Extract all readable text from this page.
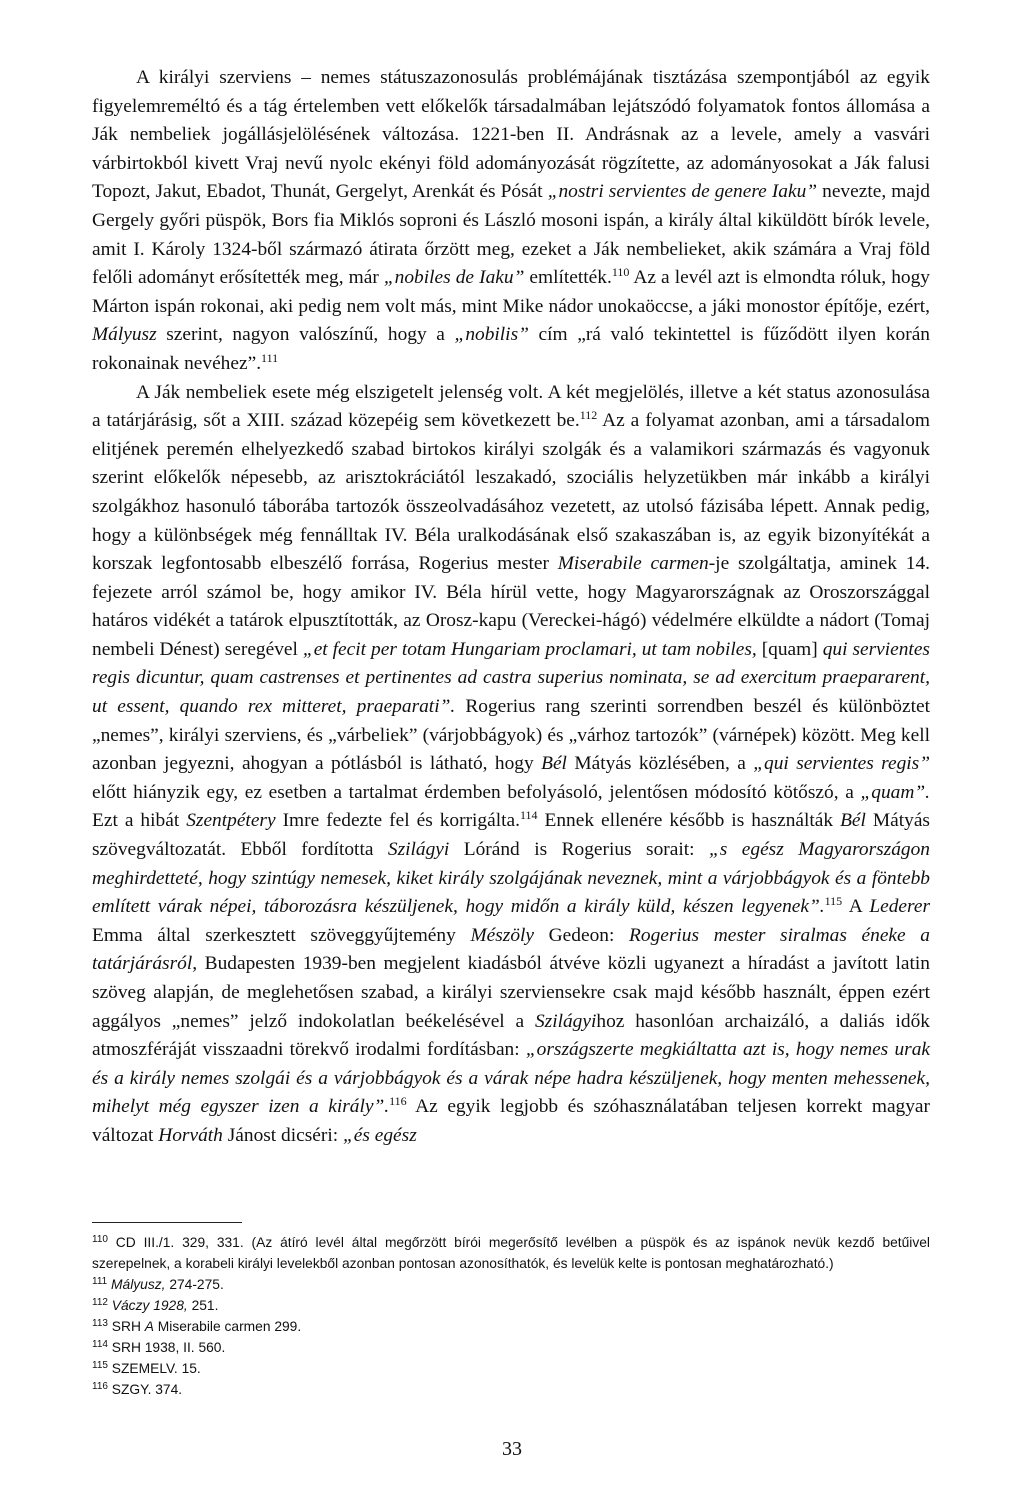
A királyi szerviens – nemes státuszazonosulás problémájának tisztázása szempontjából az egyik figyelemreméltó és a tág értelemben vett előkelők társadalmában lejátszódó folyamatok fontos állomása a Ják nembeliek jogállásjelölésének változása. 1221-ben II. Andrásnak az a levele, amely a vasvári várbirtokból kivett Vraj nevű nyolc ekényi föld adományozását rögzítette, az adományosokat a Ják falusi Topozt, Jakut, Ebadot, Thunát, Gergelyt, Arenkát és Pósát „nostri servientes de genere Iaku” nevezte, majd Gergely győri püspök, Bors fia Miklós soproni és László mosoni ispán, a király által kiküldött bírók levele, amit I. Károly 1324-ből származó átirata őrzött meg, ezeket a Ják nembelieket, akik számára a Vraj föld felőli adományt erősítették meg, már „nobiles de Iaku” említették.$^{110}$ Az a levél azt is elmondta róluk, hogy Márton ispán rokonai, aki pedig nem volt más, mint Mike nádor unokaöccse, a jáki monostor építője, ezért, Mályusz szerint, nagyon valószínű, hogy a „nobilis” cím „rá való tekintettel is fűződött ilyen korán rokonainak nevéhez”.$^{111}$

A Ják nembeliek esete még elszigetelt jelenség volt. A két megjelölés, illetve a két status azonosulása a tatárjárásig, sőt a XIII. század közepéig sem következett be.$^{112}$ Az a folyamat azonban, ami a társadalom elitjének peremén elhelyezkedő szabad birtokos királyi szolgák és a valamikori származás és vagyonuk szerint előkelők népesebb, az arisztokráciától leszakadó, szociális helyzetükben már inkább a királyi szolgákhoz hasonuló táborába tartozók összeolvadásához vezetett, az utolsó fázisába lépett. Annak pedig, hogy a különbségek még fennálltak IV. Béla uralkodásának első szakaszában is, az egyik bizonyítékát a korszak legfontosabb elbeszélő forrása, Rogerius mester Miserabile carmen-je szolgáltatja, aminek 14. fejezete arról számol be, hogy amikor IV. Béla hírül vette, hogy Magyarországnak az Oroszországgal határos vidékét a tatárok elpusztították, az Orosz-kapu (Vereckei-hágó) védelmére elküldte a nádort (Tomaj nembeli Dénest) seregével „et fecit per totam Hungariam proclamari, ut tam nobiles, [quam] qui servientes regis dicuntur, quam castrenses et pertinentes ad castra superius nominata, se ad exercitum praepararent, ut essent, quando rex mitteret, praeparati”. Rogerius rang szerinti sorrendben beszél és különböztet „nemes”, királyi szerviens, és „várbeliek” (várjobbágyok) és „várhoz tartozók” (várnépek) között. Meg kell azonban jegyezni, ahogyan a pótlásból is látható, hogy Bél Mátyás közlésében, a „qui servientes regis” előtt hiányzik egy, ez esetben a tartalmat érdemben befolyásoló, jelentősen módosító kötőszó, a „quam”. Ezt a hibát Szentpétery Imre fedezte fel és korrigálta.$^{114}$ Ennek ellenére később is használták Bél Mátyás szövegváltozatát. Ebből fordította Szilágyi Lóránd is Rogerius sorait: „s egész Magyarországon meghirdetteté, hogy szintúgy nemesek, kiket király szolgájának neveznek, mint a várjobbágyok és a föntebb említett várak népei, táborozásra készüljenek, hogy midőn a király küld, készen legyenek”.$^{115}$ A Lederer Emma által szerkesztett szöveggyűjtemény Mészöly Gedeon: Rogerius mester siralmas éneke a tatárjárásról, Budapesten 1939-ben megjelent kiadásból átvéve közli ugyanezt a híradást a javított latin szöveg alapján, de meglehetősen szabad, a királyi szerviensekre csak majd később használt, éppen ezért aggályos „nemes” jelző indokolatlan beékelésével a Szilágyihoz hasonlóan archaizáló, a daliás idők atmoszféráját visszaadni törekvő irodalmi fordításban: „országszerte megkiáltatta azt is, hogy nemes urak és a király nemes szolgái és a várjobbágyok és a várak népe hadra készüljenek, hogy menten mehessenek, mihelyt még egyszer izen a király”.$^{116}$ Az egyik legjobb és szóhasználatában teljesen korrekt magyar változat Horváth Jánost dicséri: „és egész

$^{110}$ CD III./1. 329, 331. (Az átíró levél által megőrzött bírói megerősítő levélben a püspök és az ispánok nevük kezdő betűivel szerepelnek, a korabeli királyi levelekből azonban pontosan azonosíthatók, és levelük kelte is pontosan meghatározható.)

$^{111}$ Mályusz, 274-275.

$^{112}$ Váczy 1928, 251.

$^{113}$ SRH A Miserabile carmen 299.

$^{114}$ SRH 1938, II. 560.

$^{115}$ SZEMELV. 15.

$^{116}$ SZGY. 374.

33
